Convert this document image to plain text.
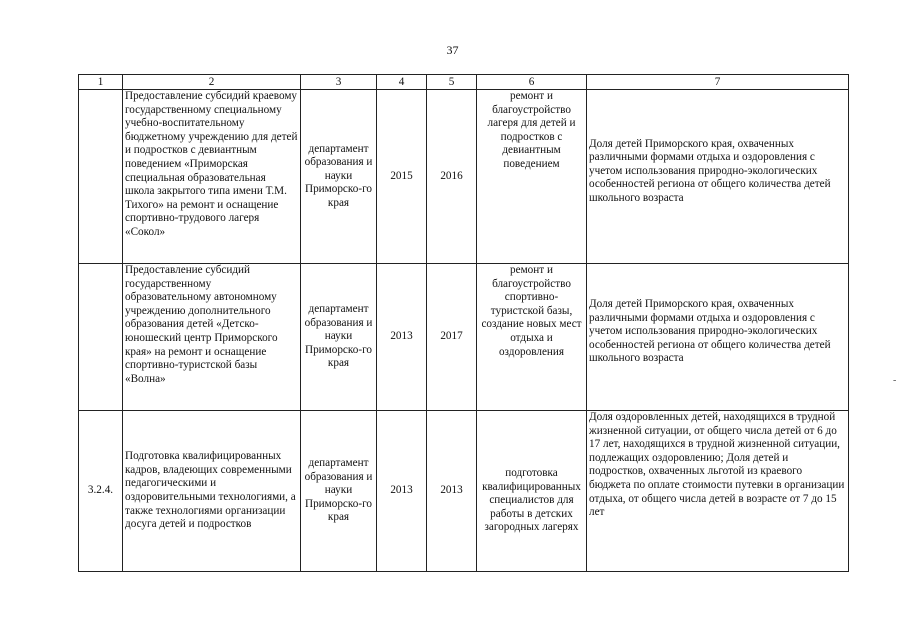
37
1	2	3	4	5	6	7
	Предоставление субсидий краевому государственному специальному учебно-воспитательному бюджетному учреждению для детей и подростков с девиантным поведением «Приморская специальная образовательная школа закрытого типа имени Т.М. Тихого» на ремонт и оснащение спортивно-трудового лагеря «Сокол»	департамент образования и науки Приморско-го края	2015	2016	ремонт и благоустройство лагеря для детей и подростков с девиантным поведением	Доля детей Приморского края, охваченных различными формами отдыха и оздоровления с учетом использования природно-экологических особенностей региона от общего количества детей школьного возраста
	Предоставление субсидий государственному образовательному автономному учреждению дополнительного образования детей «Детско-юношеский центр Приморского края» на ремонт и оснащение спортивно-туристской базы «Волна»	департамент образования и науки Приморско-го края	2013	2017	ремонт и благоустройство спортивно-туристской базы, создание новых мест отдыха и оздоровления	Доля детей Приморского края, охваченных различными формами отдыха и оздоровления с учетом использования природно-экологических особенностей региона от общего количества детей школьного возраста
3.2.4.	Подготовка квалифицированных кадров, владеющих современными педагогическими и оздоровительными технологиями, а также технологиями организации досуга детей и подростков	департамент образования и науки Приморско-го края	2013	2013	подготовка квалифицированных специалистов для работы в детских загородных лагерях	Доля оздоровленных детей, находящихся в трудной жизненной ситуации, от общего числа детей от 6 до 17 лет, находящихся в трудной жизненной ситуации, подлежащих оздоровлению; Доля детей и подростков, охваченных льготой из краевого бюджета по оплате стоимости путевки в организации отдыха, от общего числа детей в возрасте от 7 до 15 лет
-
